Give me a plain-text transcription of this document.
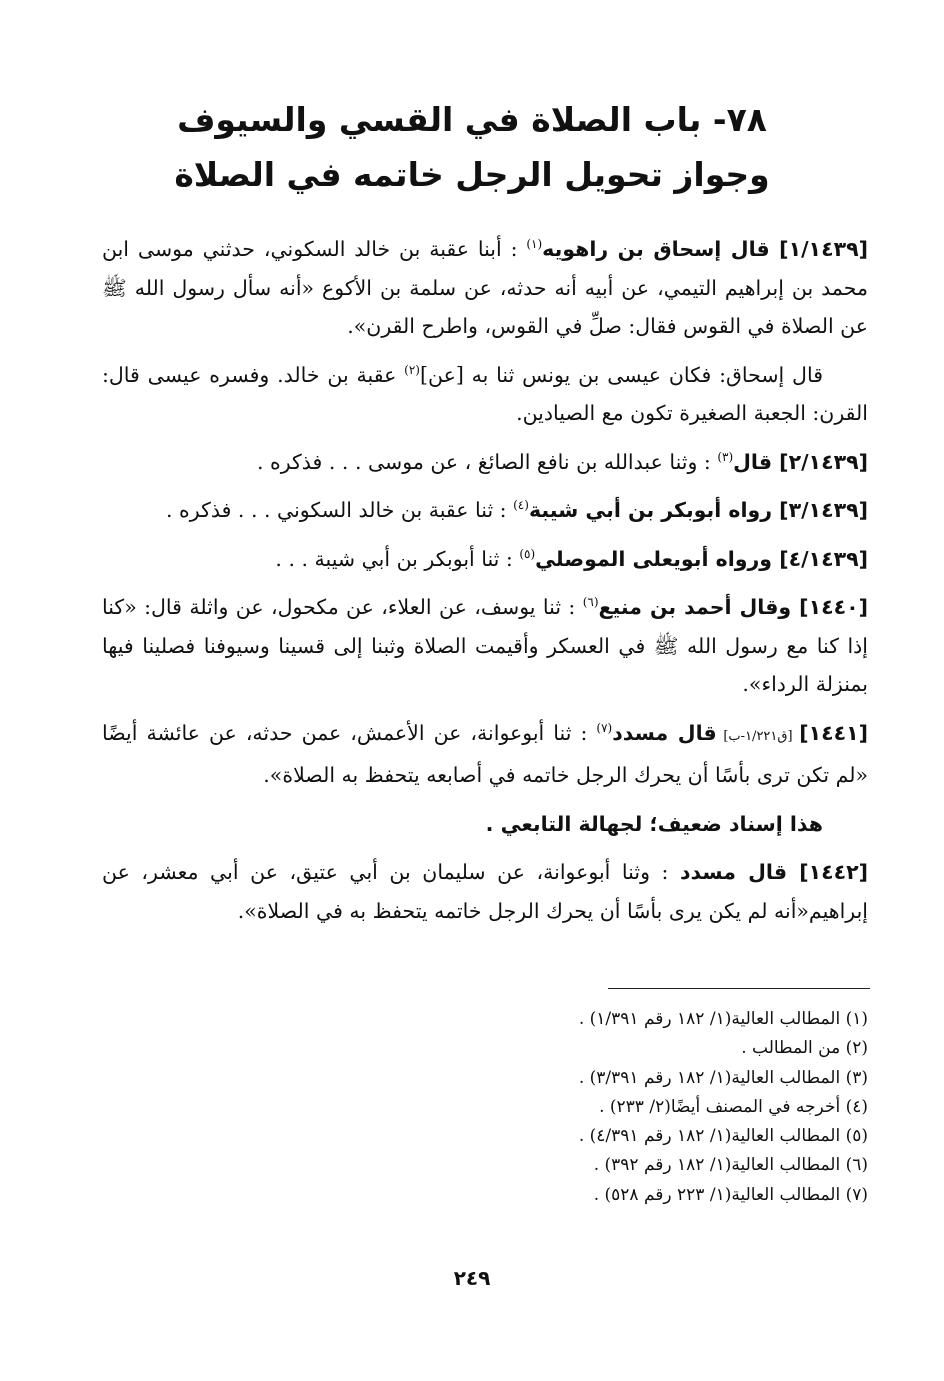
٧٨- باب الصلاة في القسي والسيوف
وجواز تحويل الرجل خاتمه في الصلاة

[١/١٤٣٩] قال إسحاق بن راهويه$^{(١)}$ : أبنا عقبة بن خالد السكوني، حدثني موسى ابن محمد بن إبراهيم التيمي، عن أبيه أنه حدثه، عن سلمة بن الأكوع «أنه سأل رسول الله ﷺ عن الصلاة في القوس فقال: صلِّ في القوس، واطرح القرن».

قال إسحاق: فكان عيسى بن يونس ثنا به [عن]$^{(٢)}$ عقبة بن خالد. وفسره عيسى قال: القرن: الجعبة الصغيرة تكون مع الصيادين.

[٢/١٤٣٩] قال$^{(٣)}$ : وثنا عبدالله بن نافع الصائغ ، عن موسى . . . فذكره .

[٣/١٤٣٩] رواه أبوبكر بن أبي شيبة$^{(٤)}$ : ثنا عقبة بن خالد السكوني . . . فذكره .

[٤/١٤٣٩] ورواه أبويعلى الموصلي$^{(٥)}$ : ثنا أبوبكر بن أبي شيبة . . .

[١٤٤٠] وقال أحمد بن منيع$^{(٦)}$ : ثنا يوسف، عن العلاء، عن مكحول، عن واثلة قال: «كنا إذا كنا مع رسول الله ﷺ في العسكر وأقيمت الصلاة وثبنا إلى قسينا وسيوفنا فصلينا فيها بمنزلة الرداء».

[١٤٤١] [ق١/٢٢١-ب] قال مسدد$^{(٧)}$ : ثنا أبوعوانة، عن الأعمش، عمن حدثه، عن عائشة أيضًا «لم تكن ترى بأسًا أن يحرك الرجل خاتمه في أصابعه يتحفظ به الصلاة».

هذا إسناد ضعيف؛ لجهالة التابعي .

[١٤٤٢] قال مسدد : وثنا أبوعوانة، عن سليمان بن أبي عتيق، عن أبي معشر، عن إبراهيم«أنه لم يكن يرى بأسًا أن يحرك الرجل خاتمه يتحفظ به في الصلاة».

(١) المطالب العالية(١/ ١٨٢ رقم ١/٣٩١) .
(٢) من المطالب .
(٣) المطالب العالية(١/ ١٨٢ رقم ٣/٣٩١) .
(٤) أخرجه في المصنف أيضًا(٢/ ٢٣٣) .
(٥) المطالب العالية(١/ ١٨٢ رقم ٤/٣٩١) .
(٦) المطالب العالية(١/ ١٨٢ رقم ٣٩٢) .
(٧) المطالب العالية(١/ ٢٢٣ رقم ٥٢٨) .
٢٤٩
